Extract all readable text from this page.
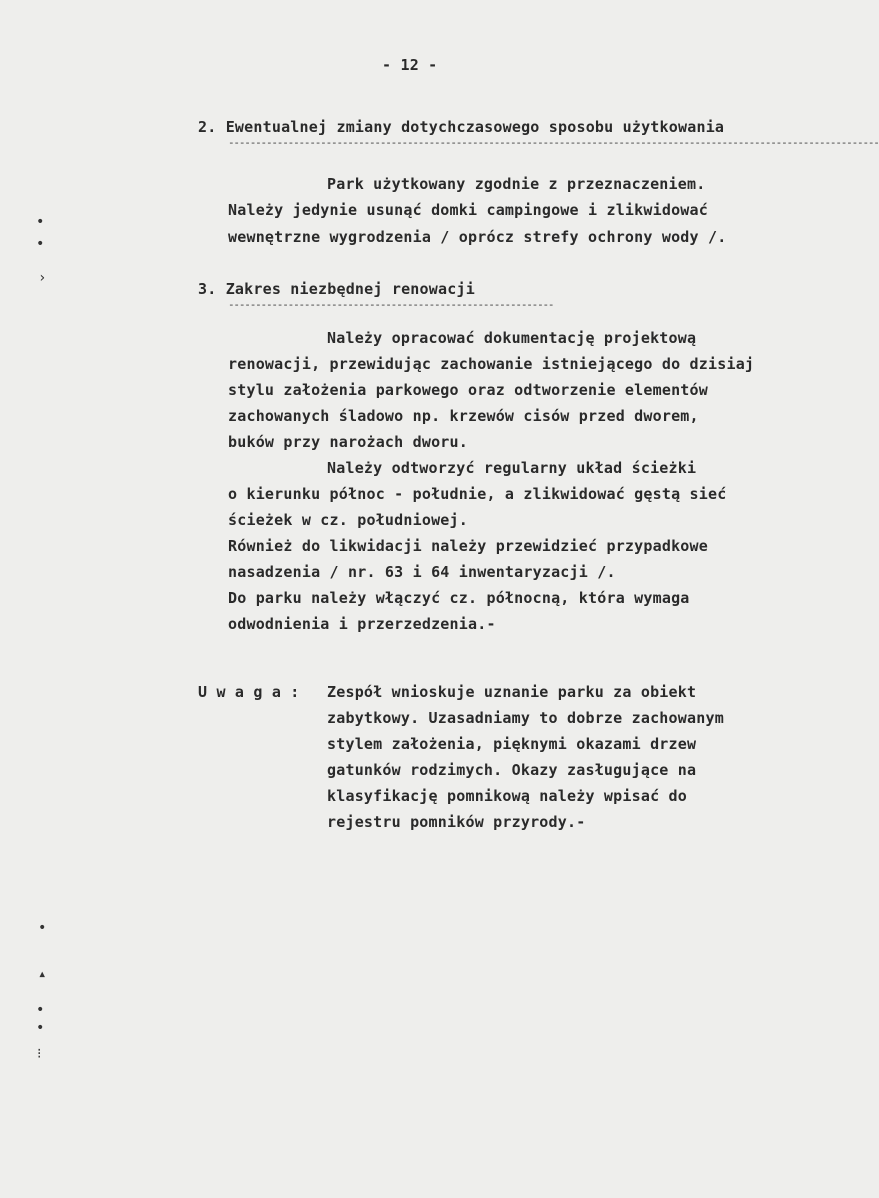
- 12 -
2. Ewentualnej zmiany dotychczasowego sposobu użytkowania
------------------------------------------------------------------------------------------------------------------------
Park użytkowany zgodnie z przeznaczeniem.
Należy jedynie usunąć domki campingowe i zlikwidować
wewnętrzne wygrodzenia / oprócz strefy ochrony wody /.
3. Zakres niezbędnej renowacji
------------------------------------------------------------
Należy opracować dokumentację projektową
renowacji, przewidując zachowanie istniejącego do dzisiaj
stylu założenia parkowego oraz odtworzenie elementów
zachowanych śladowo np. krzewów cisów przed dworem,
buków przy narożach dworu.
Należy odtworzyć regularny układ ścieżki
o kierunku północ - południe, a zlikwidować gęstą sieć
ścieżek w cz. południowej.
Również do likwidacji należy przewidzieć przypadkowe
nasadzenia / nr. 63 i 64 inwentaryzacji /.
Do parku należy włączyć cz. północną, która wymaga
odwodnienia i przerzedzenia.-
U w a g a : Zespół wnioskuje uznanie parku za obiekt
zabytkowy. Uzasadniamy to dobrze zachowanym
stylem założenia, pięknymi okazami drzew
gatunków rodzimych. Okazy zasługujące na
klasyfikację pomnikową należy wpisać do
rejestru pomników przyrody.-
•
•
›
•
▴
•
•
⁝
